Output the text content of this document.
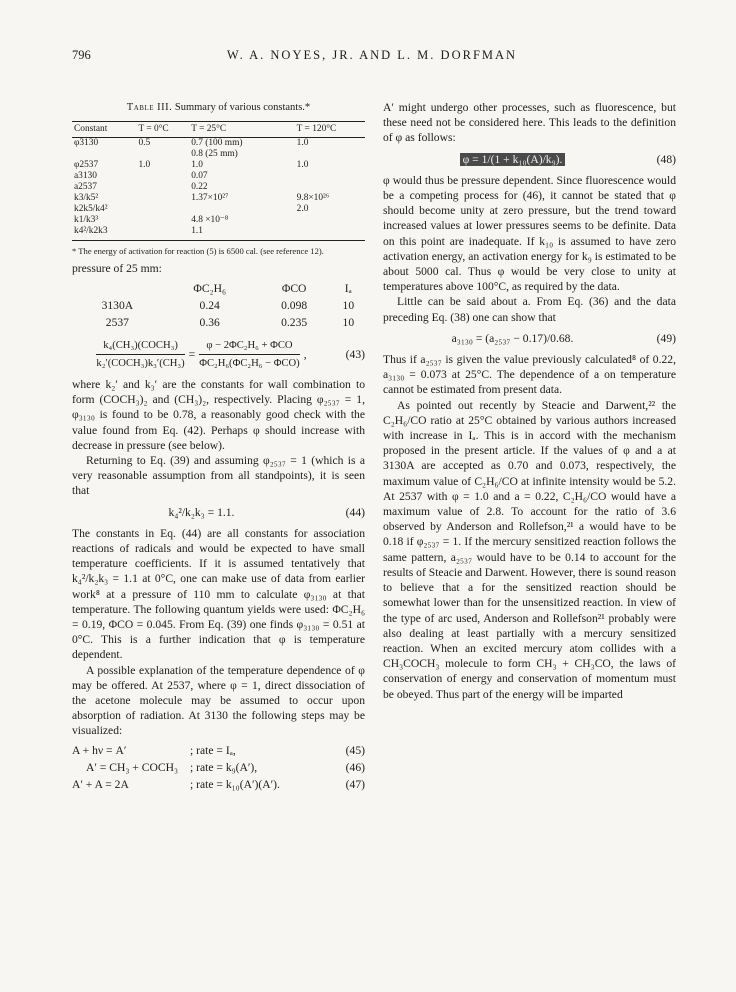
W. A. NOYES, JR. AND L. M. DORFMAN
796
Table III. Summary of various constants.*
Constant	T = 0°C	T = 25°C	T = 120°C
φ3130	0.5	0.7 (100 mm)	1.0
		0.8 (25 mm)	
φ2537	1.0	1.0	1.0
a3130		0.07	
a2537		0.22	
k3/k5²		1.37×10²⁷	9.8×10²⁶
k2k5/k4²			2.0
k1/k3³		4.8 ×10⁻⁸	
k4²/k2k3		1.1	

* The energy of activation for reaction (5) is 6500 cal. (see reference 12).

pressure of 25 mm:

	ΦC₂H₆	ΦCO	Iₐ
3130A	0.24	0.098	10
2537	0.36	0.235	10
$\frac{\text{k₄(CH₃)(COCH₃)}}{\text{k₂′(COCH₃)k₃′(CH₃)}} = \frac{\text{φ − 2ΦC₂H₆ + ΦCO}}{\text{ΦC₂H₆(ΦC₂H₆ − ΦCO)}}$ ,	(43)

where k₂′ and k₃′ are the constants for wall combination to form (COCH₃)₂ and (CH₃)₂, respectively. Placing φ₂₅₃₇ = 1, φ₃₁₃₀ is found to be 0.78, a reasonably good check with the value found from Eq. (42). Perhaps φ should increase with decrease in pressure (see below).

Returning to Eq. (39) and assuming φ₂₅₃₇ = 1 (which is a very reasonable assumption from all standpoints), it is seen that

k₄²/k₂k₃ = 1.1.	(44)

The constants in Eq. (44) are all constants for association reactions of radicals and would be expected to have small temperature coefficients. If it is assumed tentatively that k₄²/k₂k₃ = 1.1 at 0°C, one can make use of data from earlier work⁸ at a pressure of 110 mm to calculate φ₃₁₃₀ at that temperature. The following quantum yields were used: ΦC₂H₆ = 0.19, ΦCO = 0.045. From Eq. (39) one finds φ₃₁₃₀ = 0.51 at 0°C. This is a further indication that φ is temperature dependent.

A possible explanation of the temperature dependence of φ may be offered. At 2537, where φ = 1, direct dissociation of the acetone molecule may be assumed to occur upon absorption of radiation. At 3130 the following steps may be visualized:

A + hν = A′	; rate = Iₐ,	(45)
A′ = CH₃ + COCH₃	; rate = k₉(A′),	(46)
A′ + A = 2A	; rate = k₁₀(A′)(A′).	(47)

A′ might undergo other processes, such as fluorescence, but these need not be considered here. This leads to the definition of φ as follows:

φ = 1/(1 + k₁₀(A)/k₉).	(48)

φ would thus be pressure dependent. Since fluorescence would be a competing process for (46), it cannot be stated that φ should become unity at zero pressure, but the trend toward increased values at lower pressures seems to be definite. Data on this point are inadequate. If k₁₀ is assumed to have zero activation energy, an activation energy for k₉ is estimated to be about 5000 cal. Thus φ would be very close to unity at temperatures above 100°C, as required by the data.

Little can be said about a. From Eq. (36) and the data preceding Eq. (38) one can show that

a₃₁₃₀ = (a₂₅₃₇ − 0.17)/0.68.	(49)

Thus if a₂₅₃₇ is given the value previously calculated⁸ of 0.22, a₃₁₃₀ = 0.073 at 25°C. The dependence of a on temperature cannot be estimated from present data.

As pointed out recently by Steacie and Darwent,²² the C₂H₆/CO ratio at 25°C obtained by various authors increased with increase in Iₐ. This is in accord with the mechanism proposed in the present article. If the values of φ and a at 3130A are accepted as 0.70 and 0.073, respectively, the maximum value of C₂H₆/CO at infinite intensity would be 5.2. At 2537 with φ = 1.0 and a = 0.22, C₂H₆/CO would have a maximum value of 2.8. To account for the ratio of 3.6 observed by Anderson and Rollefson,²¹ a would have to be 0.18 if φ₂₅₃₇ = 1. If the mercury sensitized reaction follows the same pattern, a₂₅₃₇ would have to be 0.14 to account for the results of Steacie and Darwent. However, there is sound reason to believe that a for the sensitized reaction should be somewhat lower than for the unsensitized reaction. In view of the type of arc used, Anderson and Rollefson²¹ probably were also dealing at least partially with a mercury sensitized reaction. When an excited mercury atom collides with a CH₃COCH₃ molecule to form CH₃ + CH₃CO, the laws of conservation of energy and conservation of momentum must be obeyed. Thus part of the energy will be imparted
